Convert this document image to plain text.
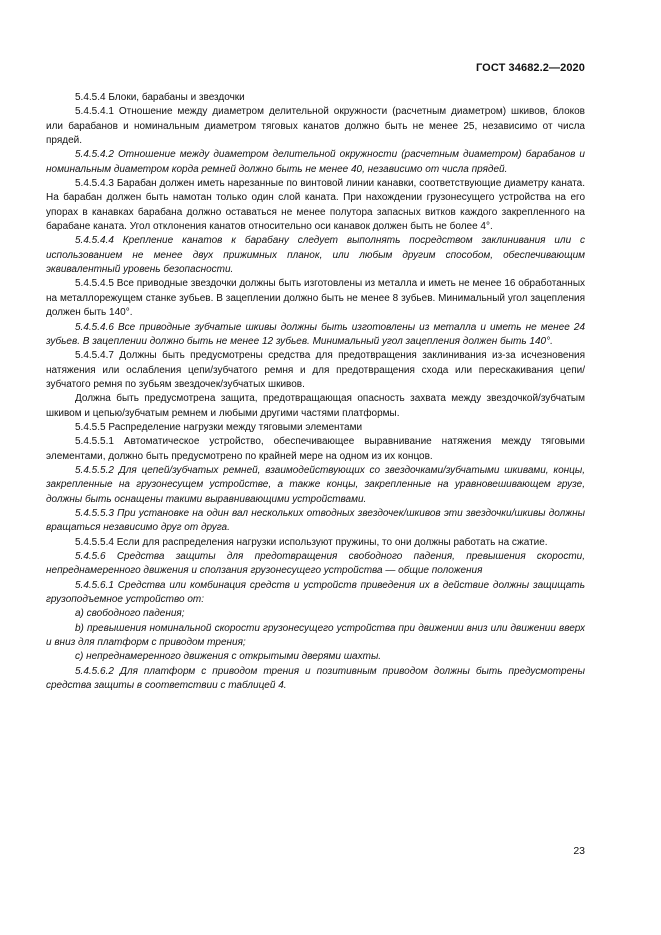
ГОСТ 34682.2—2020

5.4.5.4 Блоки, барабаны и звездочки

5.4.5.4.1 Отношение между диаметром делительной окружности (расчетным диаметром) шкивов, блоков или барабанов и номинальным диаметром тяговых канатов должно быть не менее 25, независимо от числа прядей.

5.4.5.4.2 Отношение между диаметром делительной окружности (расчетным диаметром) барабанов и номинальным диаметром корда ремней должно быть не менее 40, независимо от числа прядей.

5.4.5.4.3 Барабан должен иметь нарезанные по винтовой линии канавки, соответствующие диаметру каната. На барабан должен быть намотан только один слой каната. При нахождении грузонесущего устройства на его упорах в канавках барабана должно оставаться не менее полутора запасных витков каждого закрепленного на барабане каната. Угол отклонения канатов относительно оси канавок должен быть не более 4°.

5.4.5.4.4 Крепление канатов к барабану следует выполнять посредством заклинивания или с использованием не менее двух прижимных планок, или любым другим способом, обеспечивающим эквивалентный уровень безопасности.

5.4.5.4.5 Все приводные звездочки должны быть изготовлены из металла и иметь не менее 16 обработанных на металлорежущем станке зубьев. В зацеплении должно быть не менее 8 зубьев. Минимальный угол зацепления должен быть 140°.

5.4.5.4.6 Все приводные зубчатые шкивы должны быть изготовлены из металла и иметь не менее 24 зубьев. В зацеплении должно быть не менее 12 зубьев. Минимальный угол зацепления должен быть 140°.

5.4.5.4.7 Должны быть предусмотрены средства для предотвращения заклинивания из-за исчезновения натяжения или ослабления цепи/зубчатого ремня и для предотвращения схода или перескакивания цепи/зубчатого ремня по зубьям звездочек/зубчатых шкивов.

Должна быть предусмотрена защита, предотвращающая опасность захвата между звездочкой/зубчатым шкивом и цепью/зубчатым ремнем и любыми другими частями платформы.

5.4.5.5 Распределение нагрузки между тяговыми элементами

5.4.5.5.1 Автоматическое устройство, обеспечивающее выравнивание натяжения между тяговыми элементами, должно быть предусмотрено по крайней мере на одном из их концов.

5.4.5.5.2 Для цепей/зубчатых ремней, взаимодействующих со звездочками/зубчатыми шкивами, концы, закрепленные на грузонесущем устройстве, а также концы, закрепленные на уравновешивающем грузе, должны быть оснащены такими выравнивающими устройствами.

5.4.5.5.3 При установке на один вал нескольких отводных звездочек/шкивов эти звездочки/шкивы должны вращаться независимо друг от друга.

5.4.5.5.4 Если для распределения нагрузки используют пружины, то они должны работать на сжатие.

5.4.5.6 Средства защиты для предотвращения свободного падения, превышения скорости, непреднамеренного движения и сползания грузонесущего устройства — общие положения

5.4.5.6.1 Средства или комбинация средств и устройств приведения их в действие должны защищать грузоподъемное устройство от:

a) свободного падения;

b) превышения номинальной скорости грузонесущего устройства при движении вниз или движении вверх и вниз для платформ с приводом трения;

c) непреднамеренного движения с открытыми дверями шахты.

5.4.5.6.2 Для платформ с приводом трения и позитивным приводом должны быть предусмотрены средства защиты в соответствии с таблицей 4.

23
